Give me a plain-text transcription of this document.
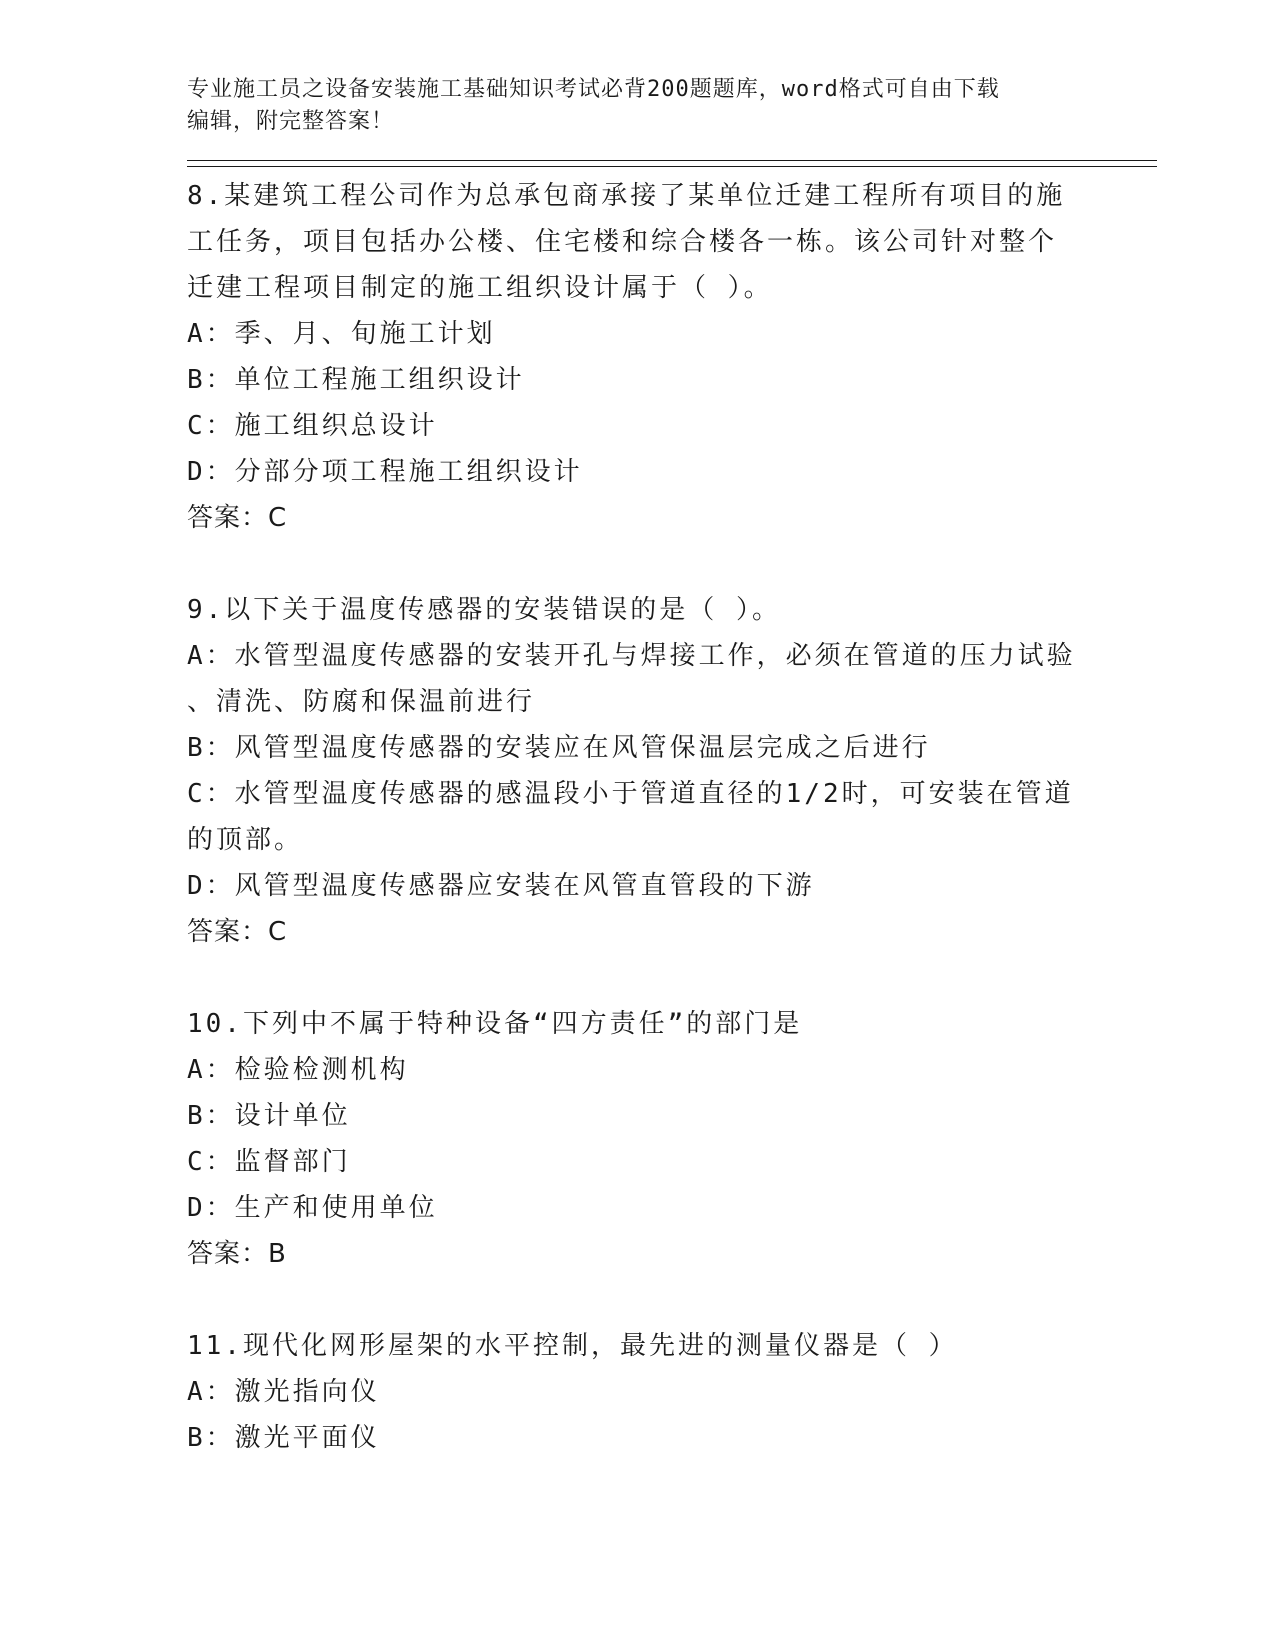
专业施工员之设备安装施工基础知识考试必背200题题库，word格式可自由下载
编辑，附完整答案！
8.某建筑工程公司作为总承包商承接了某单位迁建工程所有项目的施
工任务，项目包括办公楼、住宅楼和综合楼各一栋。该公司针对整个
迁建工程项目制定的施工组织设计属于（ ）。
A：季、月、旬施工计划
B：单位工程施工组织设计
C：施工组织总设计
D：分部分项工程施工组织设计
答案：C
9.以下关于温度传感器的安装错误的是（ ）。
A：水管型温度传感器的安装开孔与焊接工作，必须在管道的压力试验
、清洗、防腐和保温前进行
B：风管型温度传感器的安装应在风管保温层完成之后进行
C：水管型温度传感器的感温段小于管道直径的1/2时，可安装在管道
的顶部。
D：风管型温度传感器应安装在风管直管段的下游
答案：C
10.下列中不属于特种设备“四方责任”的部门是
A：检验检测机构
B：设计单位
C：监督部门
D：生产和使用单位
答案：B
11.现代化网形屋架的水平控制，最先进的测量仪器是（ ）
A：激光指向仪
B：激光平面仪
